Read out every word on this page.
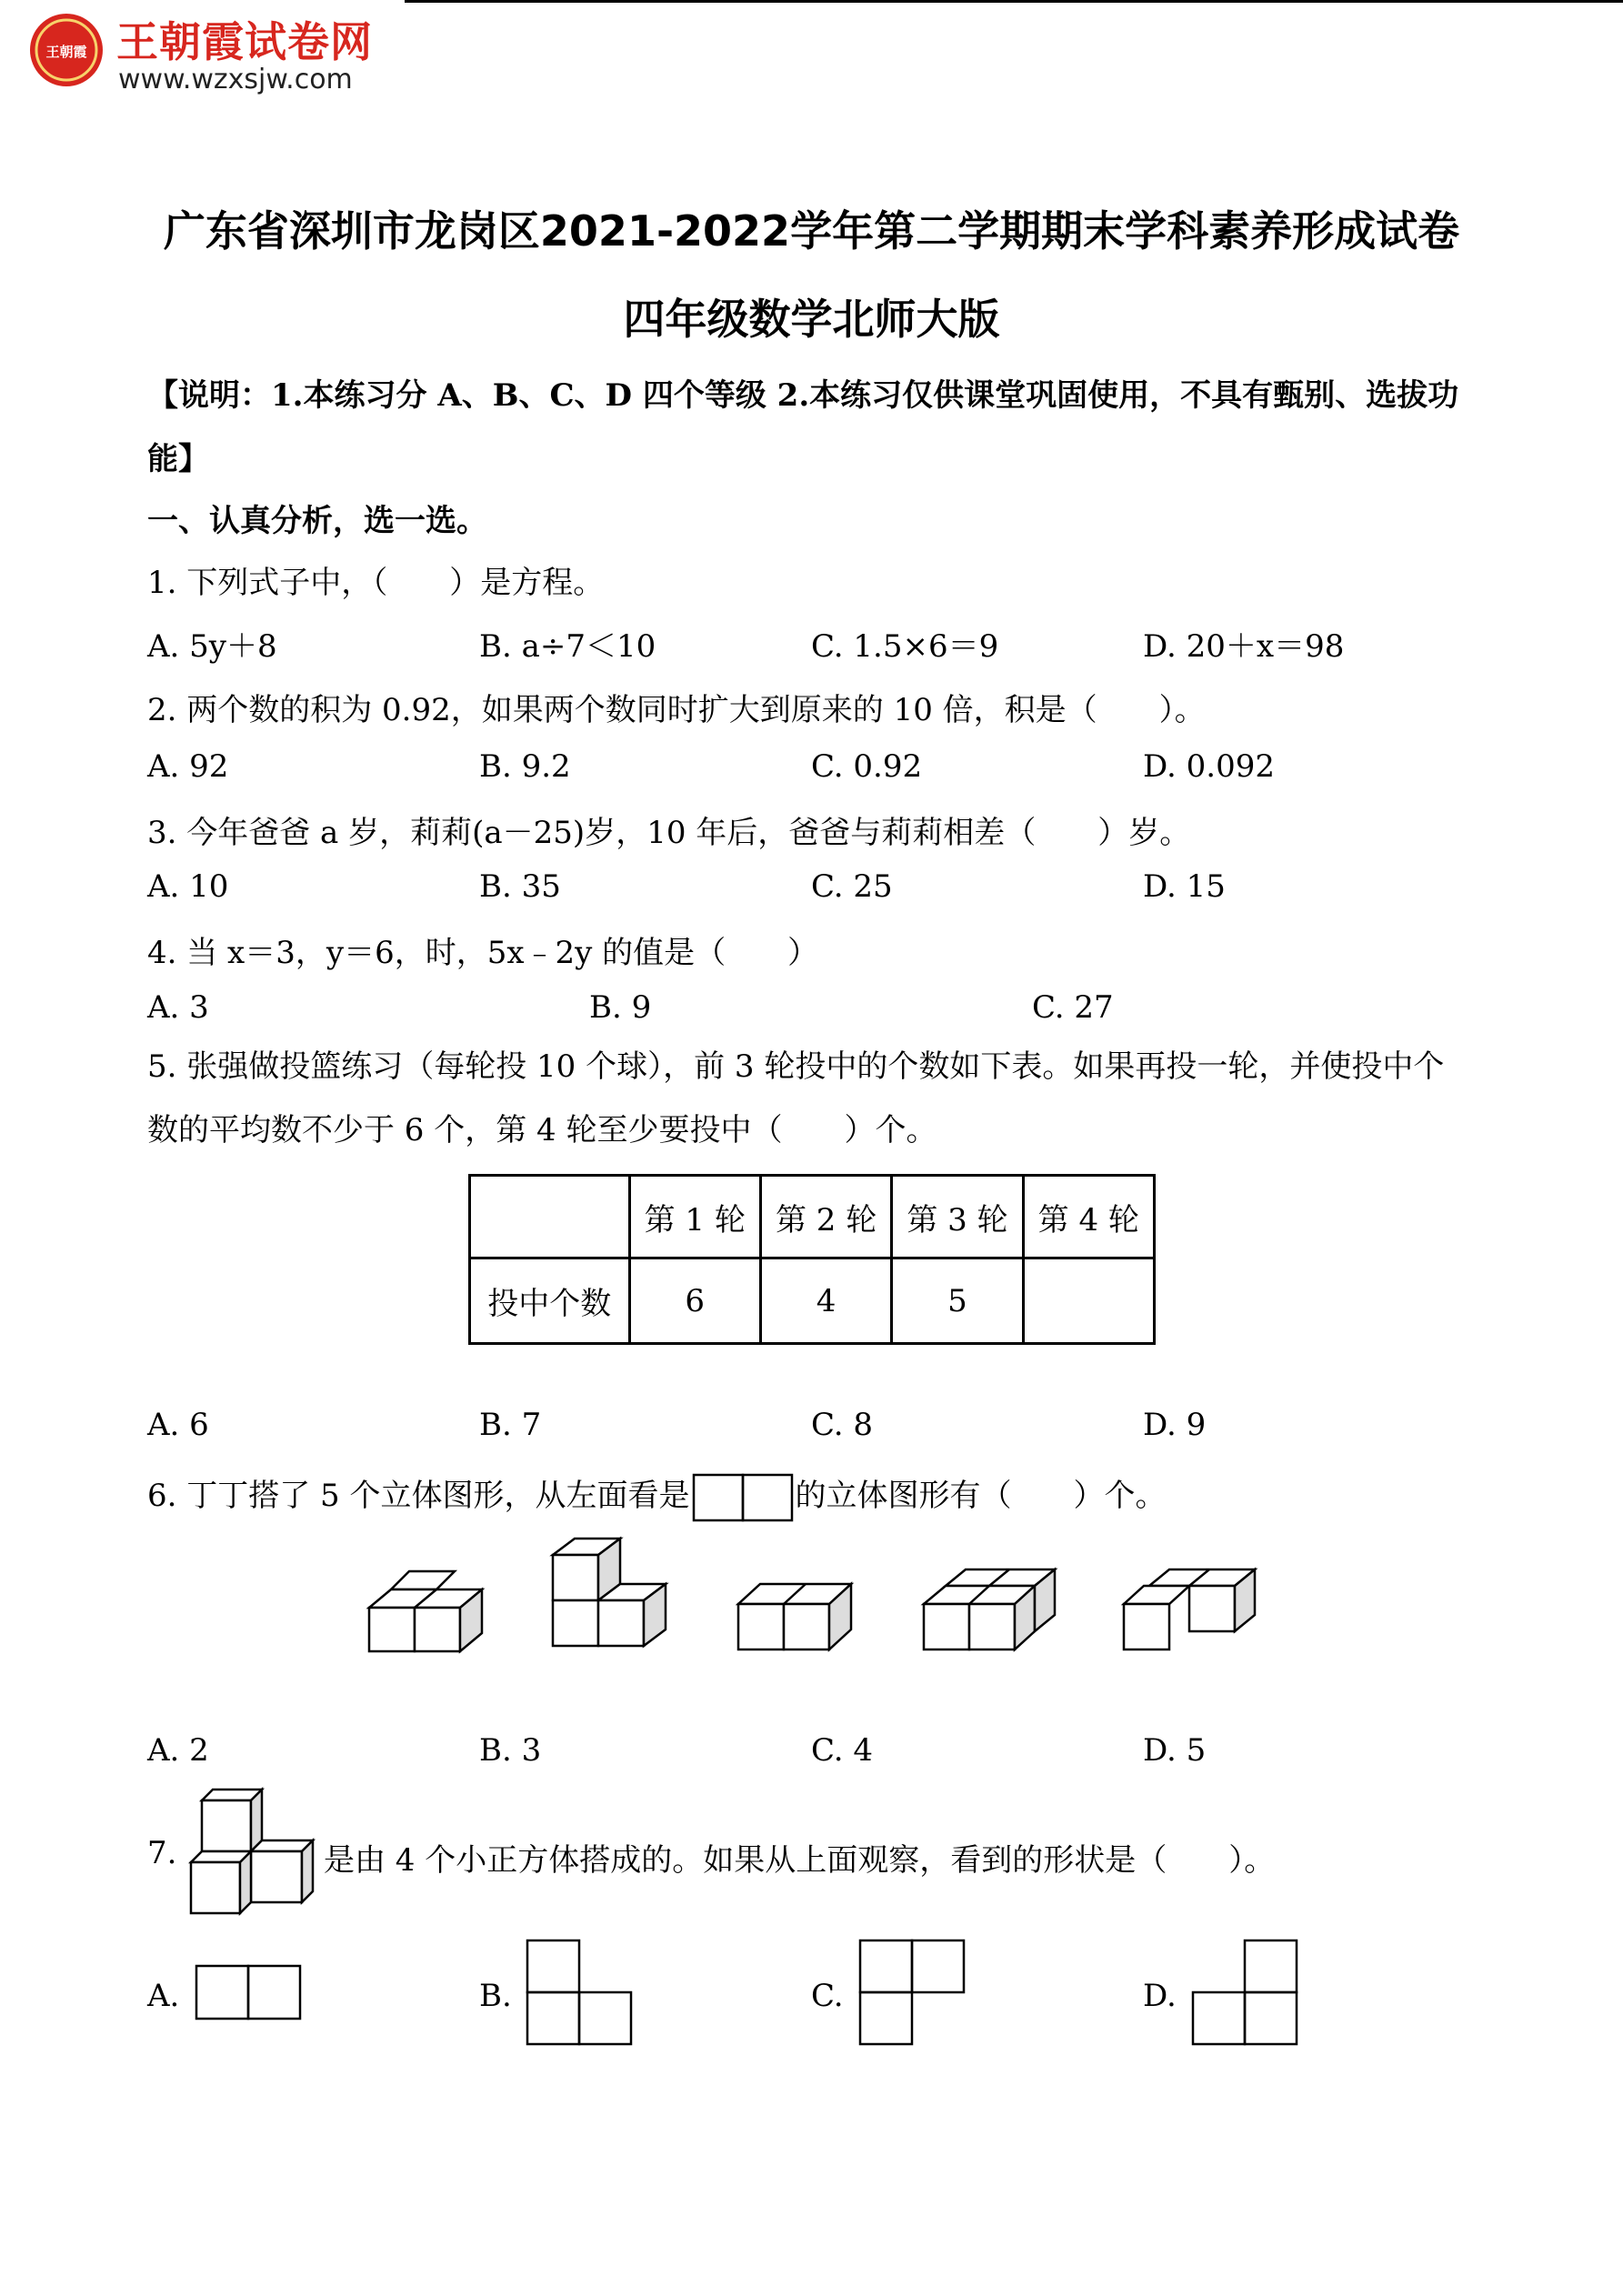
王朝霞 王朝霞试卷网
www.wzxsjw.com
广东省深圳市龙岗区2021-2022学年第二学期期末学科素养形成试卷
四年级数学北师大版
【说明：1.本练习分 A、B、C、D 四个等级 2.本练习仅供课堂巩固使用，不具有甄别、选拔功能】
一、认真分析，选一选。
1. 下列式子中，（　　）是方程。
A. 5y＋8	B. a÷7＜10	C. 1.5×6＝9	D. 20＋x＝98
2. 两个数的积为 0.92，如果两个数同时扩大到原来的 10 倍，积是（　　）。
A. 92	B. 9.2	C. 0.92	D. 0.092
3. 今年爸爸 a 岁，莉莉(a－25)岁，10 年后，爸爸与莉莉相差（　　）岁。
A. 10	B. 35	C. 25	D. 15
4. 当 x＝3，y＝6，时，5x﹣2y 的值是（　　）
A. 3	B. 9	C. 27
5. 张强做投篮练习（每轮投 10 个球），前 3 轮投中的个数如下表。如果再投一轮，并使投中个数的平均数不少于 6 个，第 4 轮至少要投中（　　）个。
	第 1 轮	第 2 轮	第 3 轮	第 4 轮
投中个数	6	4	5	
A. 6	B. 7	C. 8	D. 9
6. 丁丁搭了 5 个立体图形，从左面看是	的立体图形有（　　）个。
A. 2	B. 3	C. 4	D. 5
7.	是由 4 个小正方体搭成的。如果从上面观察，看到的形状是（　　）。
A.	B.	C.	D.
